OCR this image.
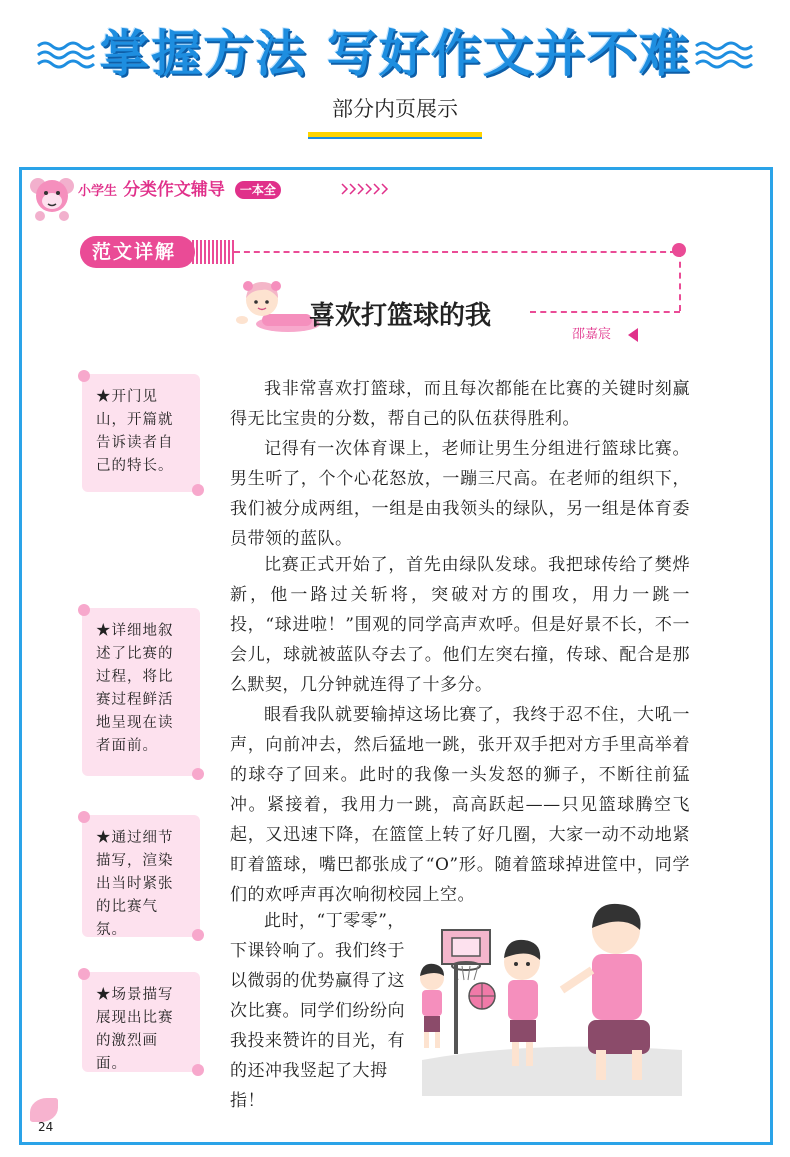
掌握方法 写好作文并不难
部分内页展示
小学生 分类作文辅导 一本全
范文详解
喜欢打篮球的我
邵嘉宸
★开门见山，开篇就告诉读者自己的特长。
★详细地叙述了比赛的过程，将比赛过程鲜活地呈现在读者面前。
★通过细节描写，渲染出当时紧张的比赛气氛。
★场景描写展现出比赛的激烈画面。

我非常喜欢打篮球，而且每次都能在比赛的关键时刻赢得无比宝贵的分数，帮自己的队伍获得胜利。

记得有一次体育课上，老师让男生分组进行篮球比赛。男生听了，个个心花怒放，一蹦三尺高。在老师的组织下，我们被分成两组，一组是由我领头的绿队，另一组是体育委员带领的蓝队。

比赛正式开始了，首先由绿队发球。我把球传给了樊烨新，他一路过关斩将，突破对方的围攻，用力一跳一投，“球进啦！”围观的同学高声欢呼。但是好景不长，不一会儿，球就被蓝队夺去了。他们左突右撞，传球、配合是那么默契，几分钟就连得了十多分。

眼看我队就要输掉这场比赛了，我终于忍不住，大吼一声，向前冲去，然后猛地一跳，张开双手把对方手里高举着的球夺了回来。此时的我像一头发怒的狮子，不断往前猛冲。紧接着，我用力一跳，高高跃起——只见篮球腾空飞起，又迅速下降，在篮筐上转了好几圈，大家一动不动地紧盯着篮球，嘴巴都张成了“O”形。随着篮球掉进筐中，同学们的欢呼声再次响彻校园上空。

此时，“丁零零”，下课铃响了。我们终于以微弱的优势赢得了这次比赛。同学们纷纷向我投来赞许的目光，有的还冲我竖起了大拇指！

24
